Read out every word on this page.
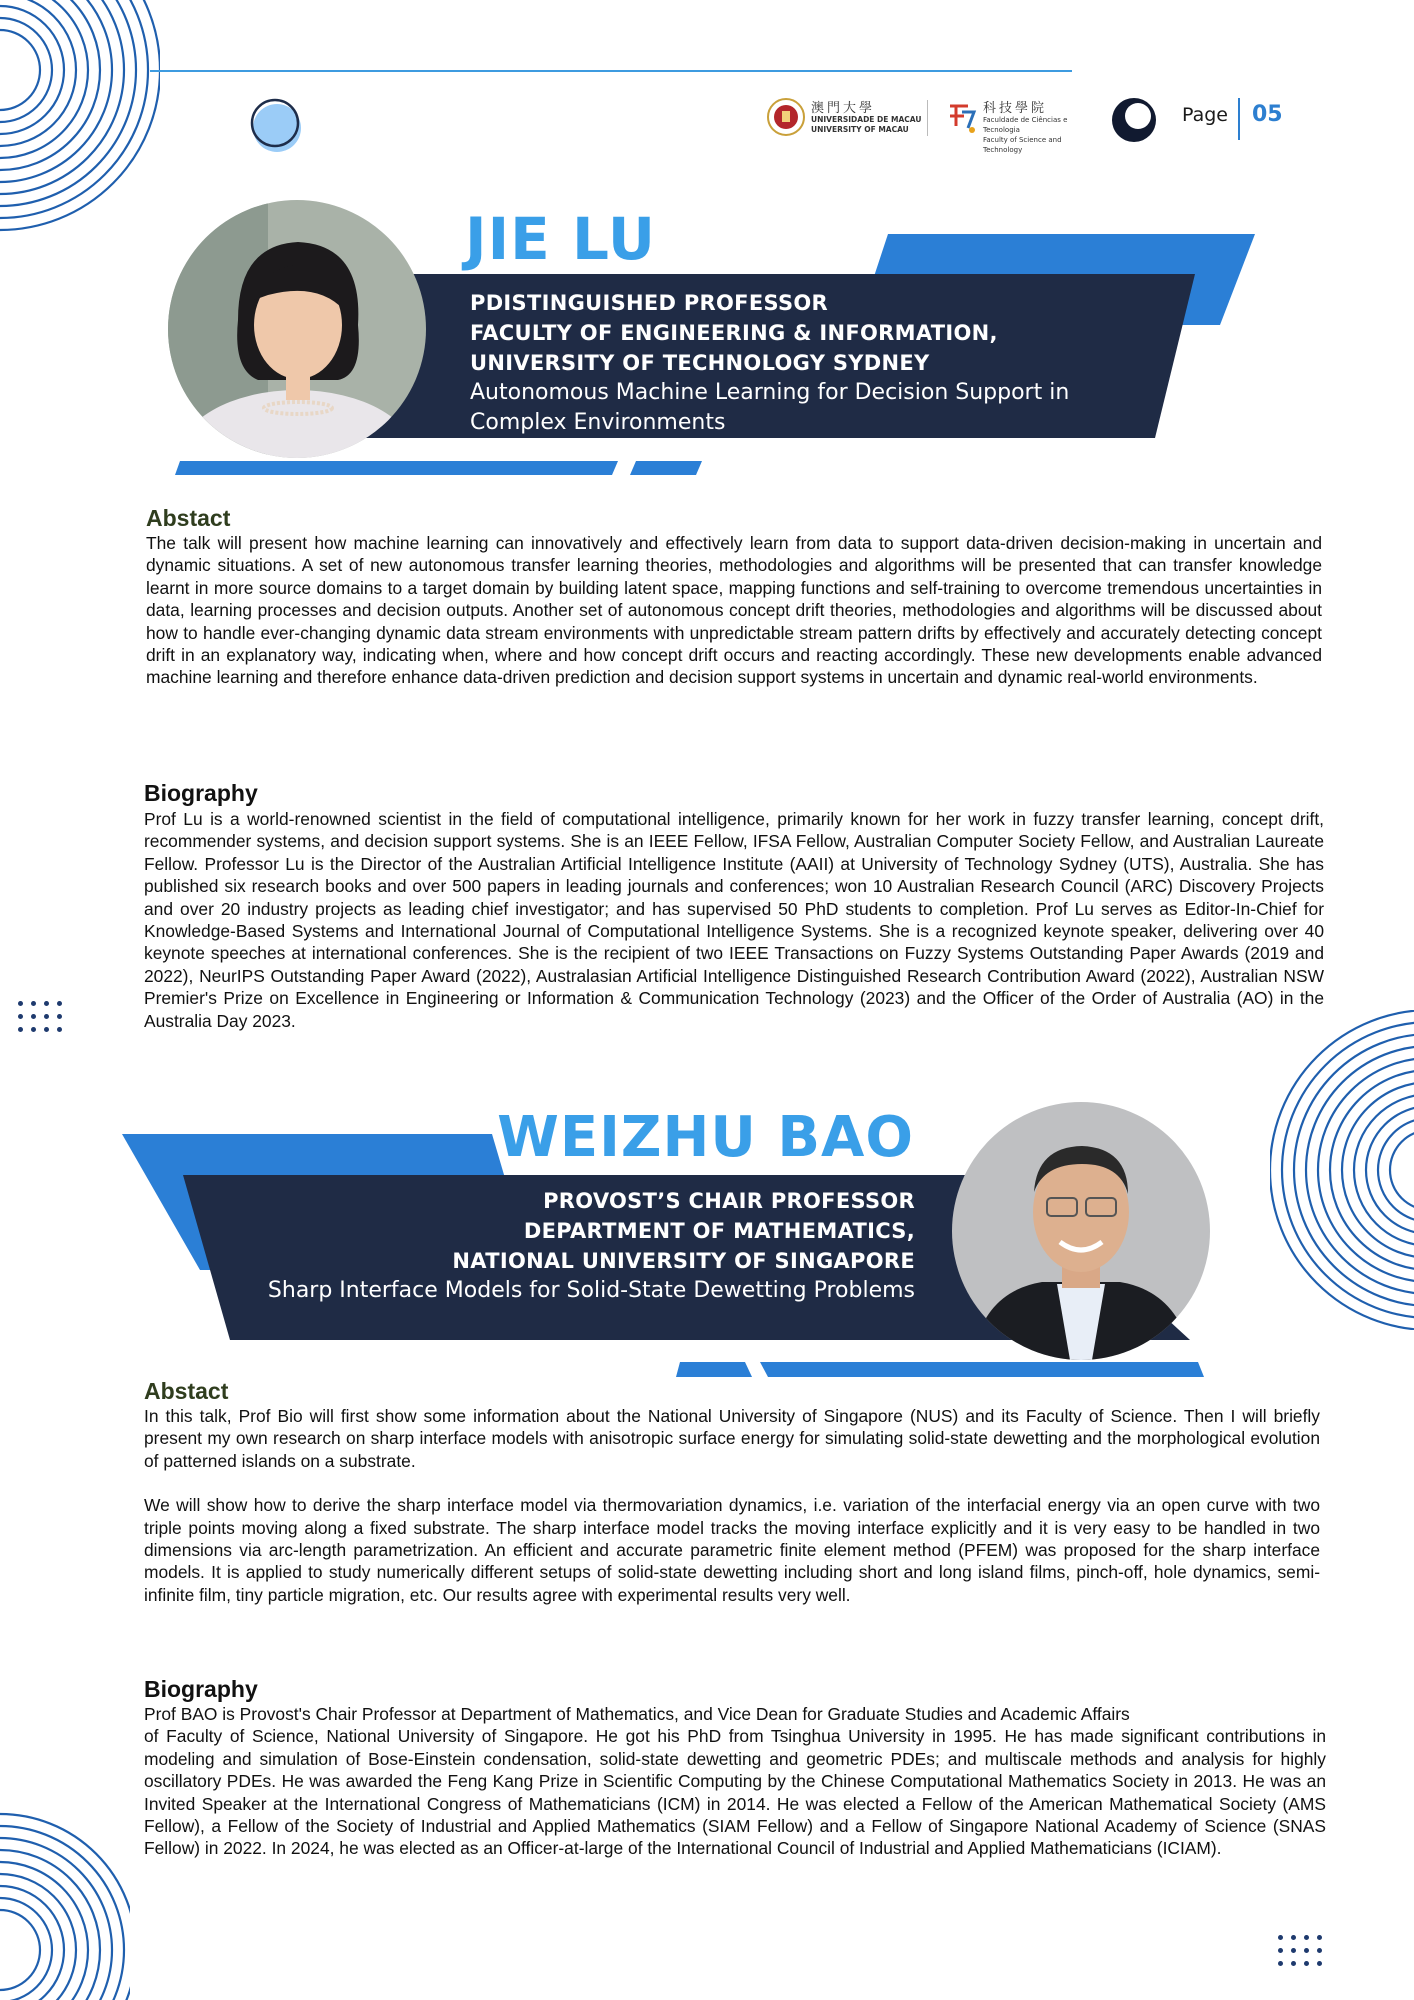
澳門大學
UNIVERSIDADE DE MACAU
UNIVERSITY OF MACAU
科技學院
Faculdade de Ciências e Tecnologia
Faculty of Science and Technology
Page 05
JIE LU
PDISTINGUISHED PROFESSOR
FACULTY OF ENGINEERING & INFORMATION,
UNIVERSITY OF TECHNOLOGY SYDNEY
Autonomous Machine Learning for Decision Support in
Complex Environments
Abstact

The talk will present how machine learning can innovatively and effectively learn from data to support data-driven decision-making in uncertain and dynamic situations. A set of new autonomous transfer learning theories, methodologies and algorithms will be presented that can transfer knowledge learnt in more source domains to a target domain by building latent space, mapping functions and self-training to overcome tremendous uncertainties in data, learning processes and decision outputs. Another set of autonomous concept drift theories, methodologies and algorithms will be discussed about how to handle ever-changing dynamic data stream environments with unpredictable stream pattern drifts by effectively and accurately detecting concept drift in an explanatory way, indicating when, where and how concept drift occurs and reacting accordingly. These new developments enable advanced machine learning and therefore enhance data-driven prediction and decision support systems in uncertain and dynamic real-world environments.

Biography
Prof Lu is a world-renowned scientist in the field of computational intelligence, primarily known for her work in fuzzy transfer learning, concept drift, recommender systems, and decision support systems. She is an IEEE Fellow, IFSA Fellow, Australian Computer Society Fellow, and Australian Laureate Fellow. Professor Lu is the Director of the Australian Artificial Intelligence Institute (AAII) at University of Technology Sydney (UTS), Australia. She has published six research books and over 500 papers in leading journals and conferences; won 10 Australian Research Council (ARC) Discovery Projects and over 20 industry projects as leading chief investigator; and has supervised 50 PhD students to completion. Prof Lu serves as Editor-In-Chief for Knowledge-Based Systems and International Journal of Computational Intelligence Systems. She is a recognized keynote speaker, delivering over 40 keynote speeches at international conferences. She is the recipient of two IEEE Transactions on Fuzzy Systems Outstanding Paper Awards (2019 and 2022), NeurIPS Outstanding Paper Award (2022), Australasian Artificial Intelligence Distinguished Research Contribution Award (2022), Australian NSW Premier's Prize on Excellence in Engineering or Information & Communication Technology (2023) and the Officer of the Order of Australia (AO) in the Australia Day 2023.
WEIZHU BAO
PROVOST’S CHAIR PROFESSOR
DEPARTMENT OF MATHEMATICS,
NATIONAL UNIVERSITY OF SINGAPORE
Sharp Interface Models for Solid-State Dewetting Problems
Abstact

In this talk, Prof Bio will first show some information about the National University of Singapore (NUS) and its Faculty of Science. Then I will briefly present my own research on sharp interface models with anisotropic surface energy for simulating solid-state dewetting and the morphological evolution of patterned islands on a substrate.

We will show how to derive the sharp interface model via thermovariation dynamics, i.e. variation of the interfacial energy via an open curve with two triple points moving along a fixed substrate. The sharp interface model tracks the moving interface explicitly and it is very easy to be handled in two dimensions via arc-length parametrization. An efficient and accurate parametric finite element method (PFEM) was proposed for the sharp interface models. It is applied to study numerically different setups of solid-state dewetting including short and long island films, pinch-off, hole dynamics, semi-infinite film, tiny particle migration, etc. Our results agree with experimental results very well.

Biography
Prof BAO is Provost's Chair Professor at Department of Mathematics, and Vice Dean for Graduate Studies and Academic Affairs
of Faculty of Science, National University of Singapore. He got his PhD from Tsinghua University in 1995. He has made significant contributions in modeling and simulation of Bose-Einstein condensation, solid-state dewetting and geometric PDEs; and multiscale methods and analysis for highly oscillatory PDEs. He was awarded the Feng Kang Prize in Scientific Computing by the Chinese Computational Mathematics Society in 2013. He was an Invited Speaker at the International Congress of Mathematicians (ICM) in 2014. He was elected a Fellow of the American Mathematical Society (AMS Fellow), a Fellow of the Society of Industrial and Applied Mathematics (SIAM Fellow) and a Fellow of Singapore National Academy of Science (SNAS Fellow) in 2022. In 2024, he was elected as an Officer-at-large of the International Council of Industrial and Applied Mathematicians (ICIAM).
